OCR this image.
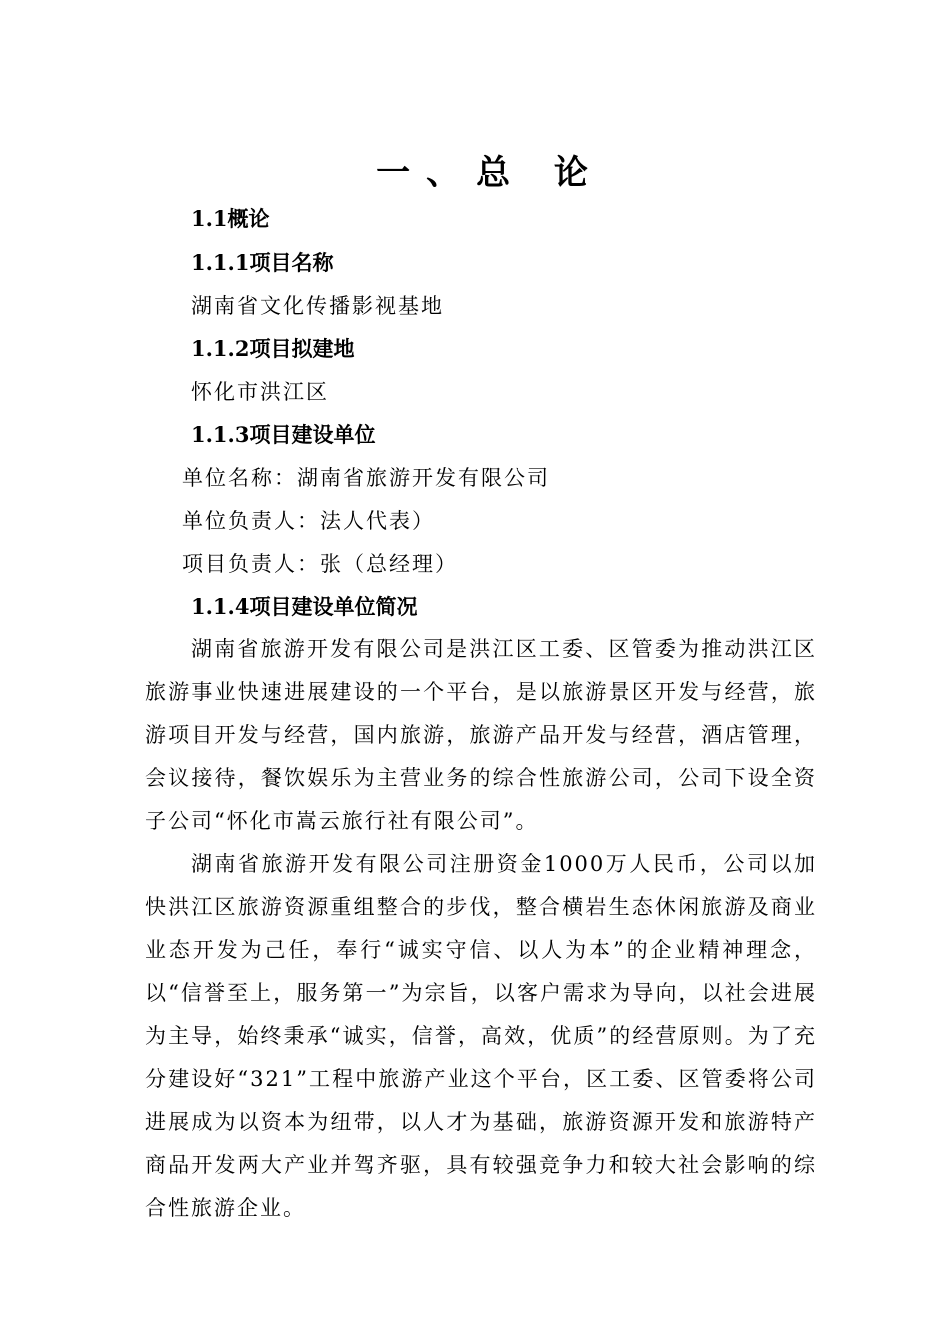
一、总 论
1.1概论
1.1.1项目名称
湖南省文化传播影视基地
1.1.2项目拟建地
怀化市洪江区
1.1.3项目建设单位
单位名称：湖南省旅游开发有限公司
单位负责人：法人代表）
项目负责人：张（总经理）
1.1.4项目建设单位简况

湖南省旅游开发有限公司是洪江区工委、区管委为推动洪江区旅游事业快速进展建设的一个平台，是以旅游景区开发与经营，旅游项目开发与经营，国内旅游，旅游产品开发与经营，酒店管理，会议接待，餐饮娱乐为主营业务的综合性旅游公司，公司下设全资子公司“怀化市嵩云旅行社有限公司”。

湖南省旅游开发有限公司注册资金1000万人民币，公司以加快洪江区旅游资源重组整合的步伐，整合横岩生态休闲旅游及商业业态开发为己任，奉行“诚实守信、以人为本”的企业精神理念，以“信誉至上，服务第一”为宗旨，以客户需求为导向，以社会进展为主导，始终秉承“诚实，信誉，高效，优质”的经营原则。为了充分建设好“321”工程中旅游产业这个平台，区工委、区管委将公司进展成为以资本为纽带，以人才为基础，旅游资源开发和旅游特产商品开发两大产业并驾齐驱，具有较强竞争力和较大社会影响的综合性旅游企业。
